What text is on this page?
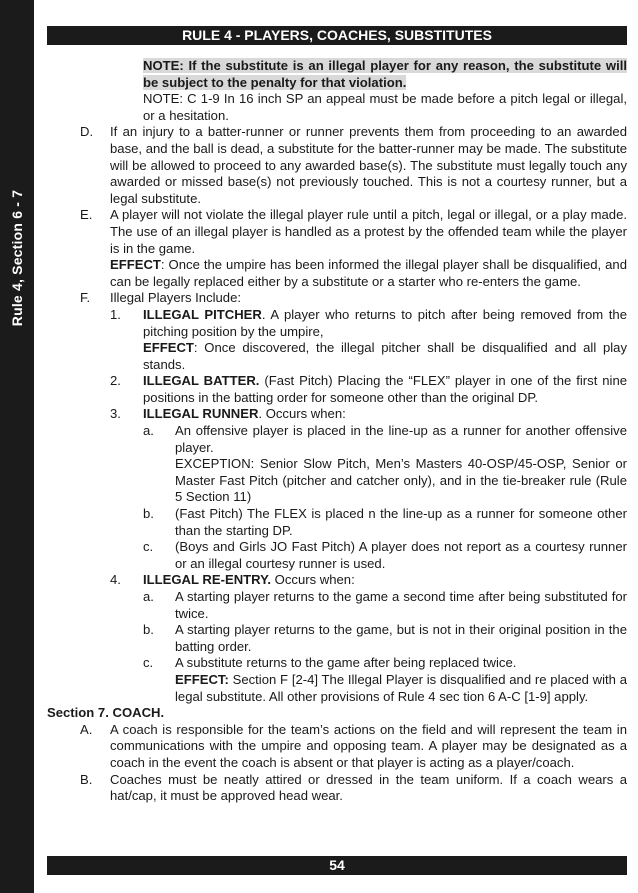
Rule 4, Section 6 - 7
RULE 4 - PLAYERS, COACHES, SUBSTITUTES
NOTE: If the substitute is an illegal player for any reason, the substitute will be subject to the penalty for that violation.
NOTE: C 1-9 In 16 inch SP an appeal must be made before a pitch legal or illegal, or a hesitation.
D. If an injury to a batter-runner or runner prevents them from proceeding to an awarded base, and the ball is dead, a substitute for the batter-runner may be made. The substitute will be allowed to proceed to any awarded base(s). The substitute must legally touch any awarded or missed base(s) not previously touched. This is not a courtesy runner, but a legal substitute.
E. A player will not violate the illegal player rule until a pitch, legal or illegal, or a play made. The use of an illegal player is handled as a protest by the offended team while the player is in the game.
EFFECT: Once the umpire has been informed the illegal player shall be disqualified, and can be legally replaced either by a substitute or a starter who re-enters the game.
F. Illegal Players Include:
1. ILLEGAL PITCHER. A player who returns to pitch after being removed from the pitching position by the umpire,
EFFECT: Once discovered, the illegal pitcher shall be disqualified and all play stands.
2. ILLEGAL BATTER. (Fast Pitch) Placing the “FLEX” player in one of the first nine positions in the batting order for someone other than the original DP.
3. ILLEGAL RUNNER. Occurs when:
a. An offensive player is placed in the line-up as a runner for another offensive player.
EXCEPTION: Senior Slow Pitch, Men’s Masters 40-OSP/45-OSP, Senior or Master Fast Pitch (pitcher and catcher only), and in the tie-breaker rule (Rule 5 Section 11)
b. (Fast Pitch) The FLEX is placed n the line-up as a runner for someone other than the starting DP.
c. (Boys and Girls JO Fast Pitch) A player does not report as a courtesy runner or an illegal courtesy runner is used.
4. ILLEGAL RE-ENTRY. Occurs when:
a. A starting player returns to the game a second time after being substituted for twice.
b. A starting player returns to the game, but is not in their original position in the batting order.
c. A substitute returns to the game after being replaced twice.
EFFECT: Section F [2-4] The Illegal Player is disqualified and re placed with a legal substitute. All other provisions of Rule 4 sec tion 6 A-C [1-9] apply.
Section 7. COACH.
A. A coach is responsible for the team’s actions on the field and will represent the team in communications with the umpire and opposing team. A player may be designated as a coach in the event the coach is absent or that player is acting as a player/coach.
B. Coaches must be neatly attired or dressed in the team uniform. If a coach wears a hat/cap, it must be approved head wear.
54
